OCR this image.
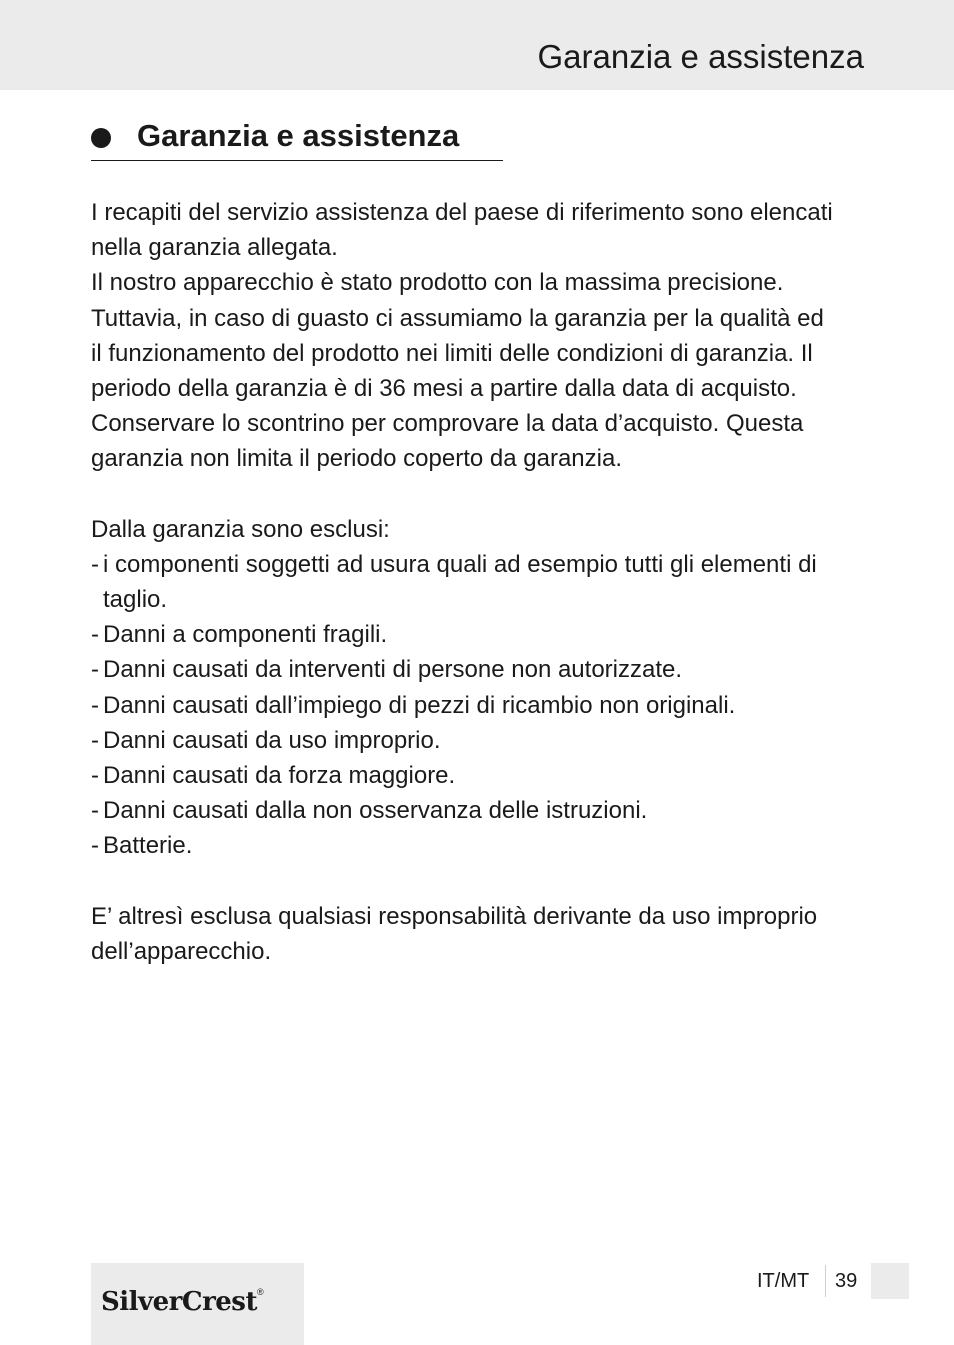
Garanzia e assistenza
Garanzia e assistenza
I recapiti del servizio assistenza del paese di riferimento sono elencati
nella garanzia allegata.
Il nostro apparecchio è stato prodotto con la massima precisione.
Tuttavia, in caso di guasto ci assumiamo la garanzia per la qualità ed
il funzionamento del prodotto nei limiti delle condizioni di garanzia. Il
periodo della garanzia è di 36 mesi a partire dalla data di acquisto.
Conservare lo scontrino per comprovare la data d’acquisto. Questa
garanzia non limita il periodo coperto da garanzia.
Dalla garanzia sono esclusi:
- i componenti soggetti ad usura quali ad esempio tutti gli elementi di
taglio.
- Danni a componenti fragili.
- Danni causati da interventi di persone non autorizzate.
- Danni causati dall’impiego di pezzi di ricambio non originali.
- Danni causati da uso improprio.
- Danni causati da forza maggiore.
- Danni causati dalla non osservanza delle istruzioni.
- Batterie.
E’ altresì esclusa qualsiasi responsabilità derivante da uso improprio
dell’apparecchio.
SilverCrest®	IT/MT 39
